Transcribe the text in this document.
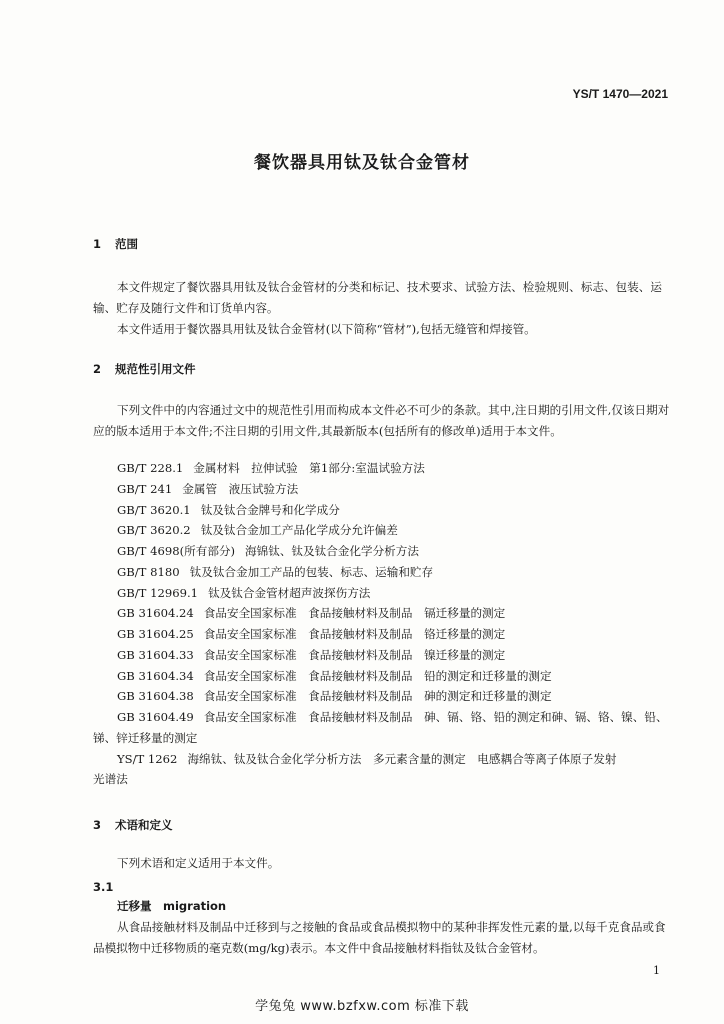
YS/T 1470—2021
餐饮器具用钛及钛合金管材
1 范围
本文件规定了餐饮器具用钛及钛合金管材的分类和标记、技术要求、试验方法、检验规则、标志、包装、运输、贮存及随行文件和订货单内容。
本文件适用于餐饮器具用钛及钛合金管材(以下简称“管材”),包括无缝管和焊接管。
2 规范性引用文件
下列文件中的内容通过文中的规范性引用而构成本文件必不可少的条款。其中,注日期的引用文件,仅该日期对应的版本适用于本文件;不注日期的引用文件,其最新版本(包括所有的修改单)适用于本文件。
GB/T 228.1 金属材料　拉伸试验　第1部分:室温试验方法
GB/T 241 金属管　液压试验方法
GB/T 3620.1 钛及钛合金牌号和化学成分
GB/T 3620.2 钛及钛合金加工产品化学成分允许偏差
GB/T 4698(所有部分) 海锦钛、钛及钛合金化学分析方法
GB/T 8180 钛及钛合金加工产品的包装、标志、运输和贮存
GB/T 12969.1 钛及钛合金管材超声波探伤方法
GB 31604.24 食品安全国家标准　食品接触材料及制品　镉迁移量的测定
GB 31604.25 食品安全国家标准　食品接触材料及制品　铬迁移量的测定
GB 31604.33 食品安全国家标准　食品接触材料及制品　镍迁移量的测定
GB 31604.34 食品安全国家标准　食品接触材料及制品　铅的测定和迁移量的测定
GB 31604.38 食品安全国家标准　食品接触材料及制品　砷的测定和迁移量的测定
GB 31604.49 食品安全国家标准　食品接触材料及制品　砷、镉、铬、铅的测定和砷、镉、铬、镍、铅、
锑、锌迁移量的测定
YS/T 1262 海绵钛、钛及钛合金化学分析方法　多元素含量的测定　电感耦合等离子体原子发射
光谱法
3 术语和定义
下列术语和定义适用于本文件。
3.1
迁移量　migration
从食品接触材料及制品中迁移到与之接触的食品或食品模拟物中的某种非挥发性元素的量,以每千克食品或食品模拟物中迁移物质的毫克数(mg/kg)表示。本文件中食品接触材料指钛及钛合金管材。
1
学兔兔 www.bzfxw.com 标准下载
